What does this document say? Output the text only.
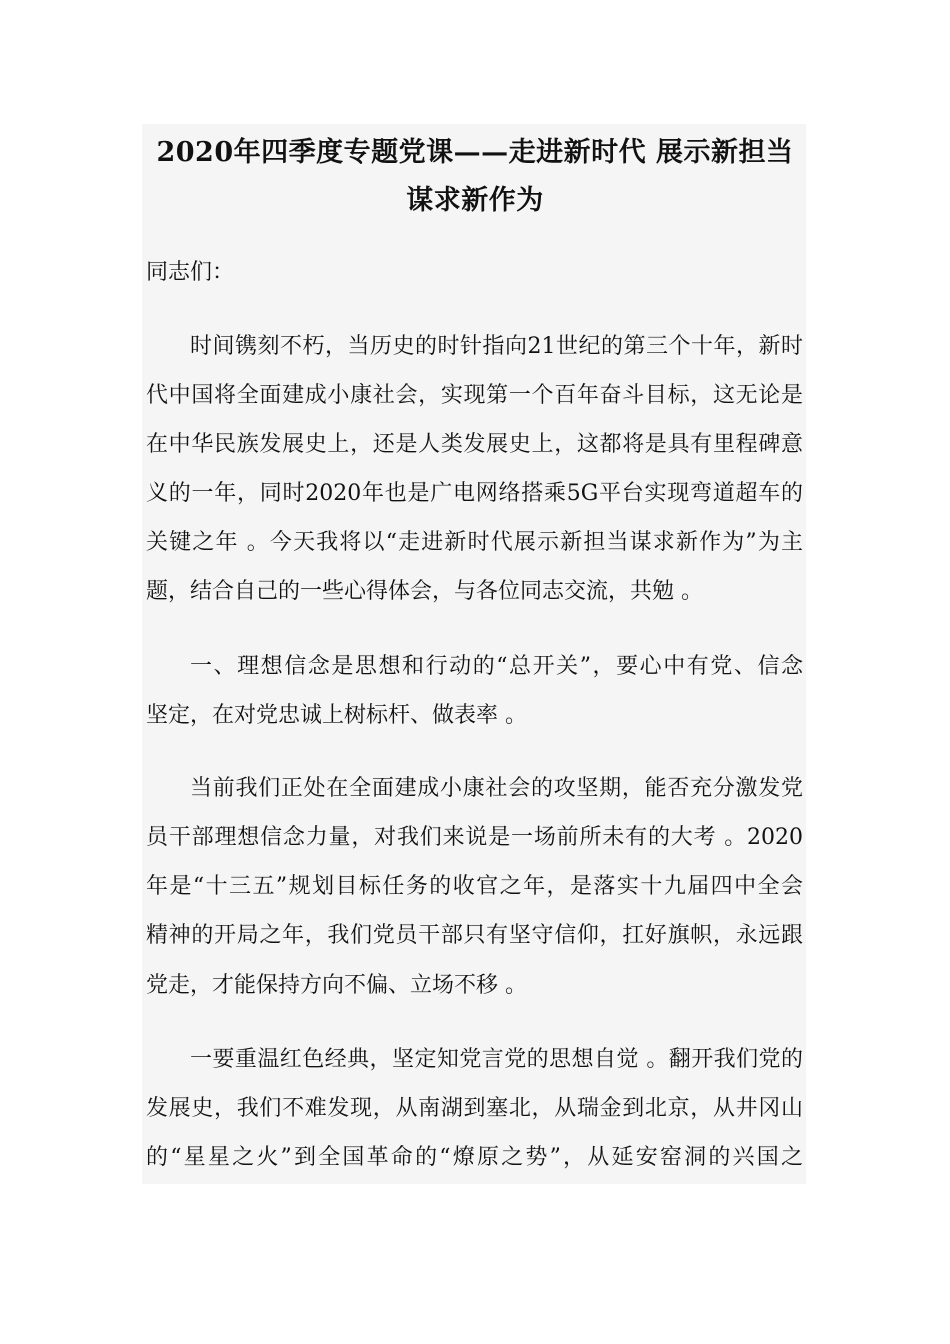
2020年四季度专题党课——走进新时代 展示新担当
谋求新作为
同志们：
时间镌刻不朽，当历史的时针指向21世纪的第三个十年，新时
代中国将全面建成小康社会，实现第一个百年奋斗目标，这无论是
在中华民族发展史上，还是人类发展史上，这都将是具有里程碑意
义的一年，同时2020年也是广电网络搭乘5G平台实现弯道超车的
关键之年 。今天我将以“走进新时代展示新担当谋求新作为”为主
题，结合自己的一些心得体会，与各位同志交流，共勉 。
一、理想信念是思想和行动的“总开关”，要心中有党、信念
坚定，在对党忠诚上树标杆、做表率 。
当前我们正处在全面建成小康社会的攻坚期，能否充分激发党
员干部理想信念力量，对我们来说是一场前所未有的大考 。2020
年是“十三五”规划目标任务的收官之年，是落实十九届四中全会
精神的开局之年，我们党员干部只有坚守信仰，扛好旗帜，永远跟
党走，才能保持方向不偏、立场不移 。
一要重温红色经典，坚定知党言党的思想自觉 。翻开我们党的
发展史，我们不难发现，从南湖到塞北，从瑞金到北京，从井冈山
的“星星之火”到全国革命的“燎原之势”，从延安窑洞的兴国之
